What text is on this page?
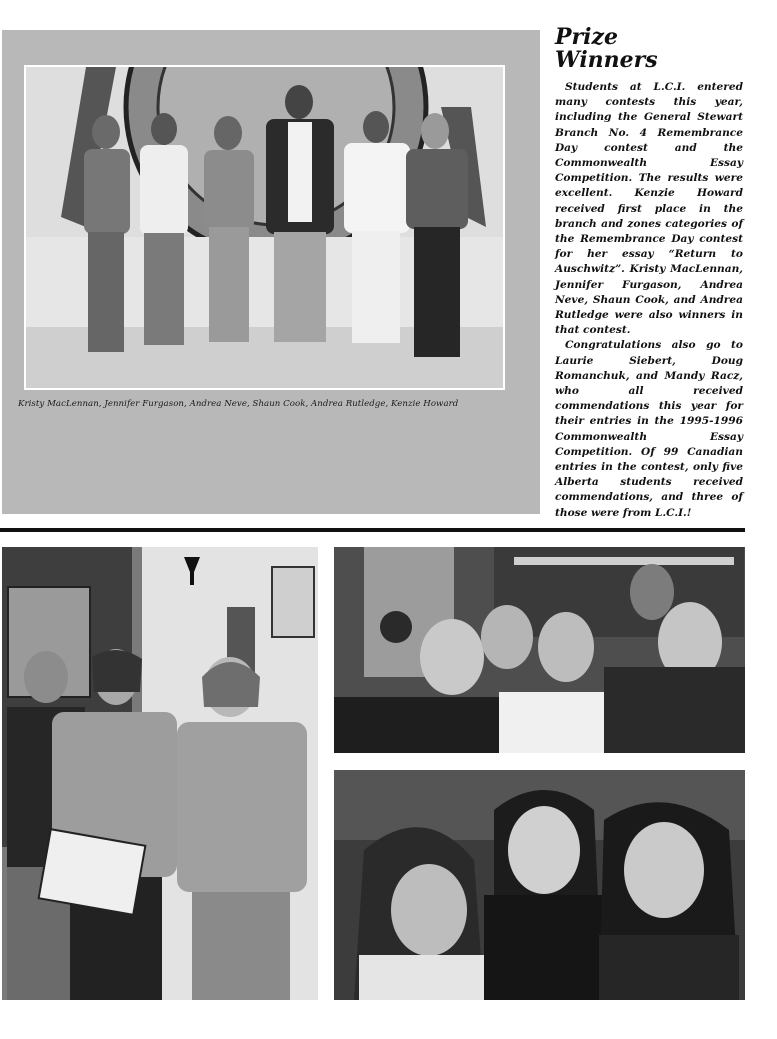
Kristy MacLennan, Jennifer Furgason, Andrea Neve, Shaun Cook, Andrea Rutledge, Kenzie Howard
Prize
Winners

Students at L.C.I. entered many contests this year, including the General Stewart Branch No. 4 Remembrance Day contest and the Commonwealth Essay Competition. The results were excellent. Kenzie Howard received first place in the branch and zones categories of the Remembrance Day contest for her essay “Return to Auschwitz”. Kristy MacLennan, Jennifer Furgason, Andrea Neve, Shaun Cook, and Andrea Rutledge were also winners in that contest.

Congratulations also go to Laurie Siebert, Doug Romanchuk, and Mandy Racz, who all received commendations this year for their entries in the 1995-1996 Commonwealth Essay Competition. Of 99 Canadian entries in the contest, only five Alberta students received commendations, and three of those were from L.C.I.!
